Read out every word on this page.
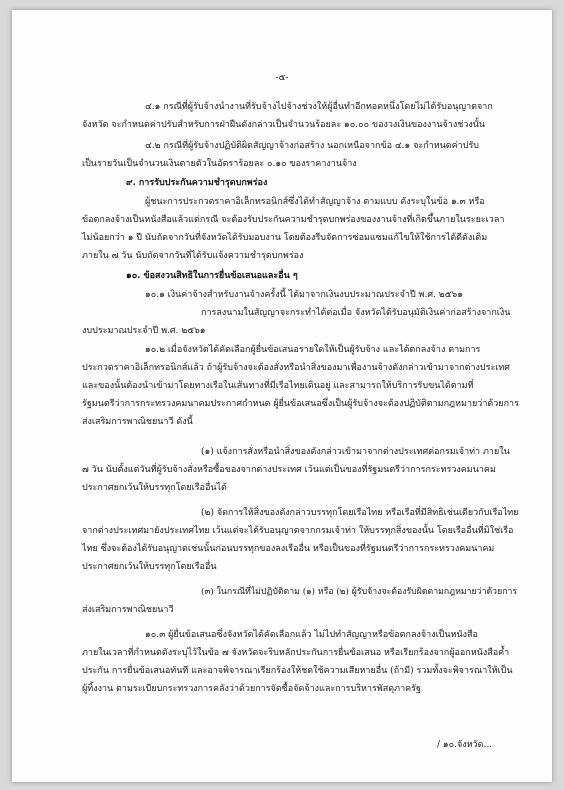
-๕-
๔.๑ กรณีที่ผู้รับจ้างนำงานที่รับจ้างไปจ้างช่วงให้ผู้อื่นทำอีกทอดหนึ่งโดยไม่ได้รับอนุญาตจาก
จังหวัด จะกำหนดค่าปรับสำหรับการฝ่าฝืนดังกล่าวเป็นจำนวนร้อยละ ๑๐.๐๐ ของวงเงินของงานจ้างช่วงนั้น
๔.๒ กรณีที่ผู้รับจ้างปฏิบัติผิดสัญญาจ้างก่อสร้าง นอกเหนือจากข้อ ๔.๑ จะกำหนดค่าปรับ
เป็นรายวันเป็นจำนวนเงินตายตัวในอัตราร้อยละ ๐.๑๐ ของราคางานจ้าง
๙. การรับประกันความชำรุดบกพร่อง
ผู้ชนะการประกวดราคาอิเล็กทรอนิกส์ซึ่งได้ทำสัญญาจ้าง ตามแบบ ดังระบุในข้อ ๑.๓ หรือ
ข้อตกลงจ้างเป็นหนังสือแล้วแต่กรณี จะต้องรับประกันความชำรุดบกพร่องของงานจ้างที่เกิดขึ้นภายในระยะเวลา
ไม่น้อยกว่า ๑ ปี นับถัดจากวันที่จังหวัดได้รับมอบงาน โดยต้องรีบจัดการซ่อมแซมแก้ไขให้ใช้การได้ดีดังเดิม
ภายใน ๗ วัน นับถัดจากวันที่ได้รับแจ้งความชำรุดบกพร่อง
๑๐. ข้อสงวนสิทธิในการยื่นข้อเสนอและอื่น ๆ
๑๐.๑ เงินค่าจ้างสำหรับงานจ้างครั้งนี้ ได้มาจากเงินงบประมาณประจำปี พ.ศ. ๒๕๖๑
การลงนามในสัญญาจะกระทำได้ต่อเมื่อ จังหวัดได้รับอนุมัติเงินค่าก่อสร้างจากเงิน
งบประมาณประจำปี พ.ศ. ๒๕๖๑
๑๐.๒ เมื่อจังหวัดได้คัดเลือกผู้ยื่นข้อเสนอรายใดให้เป็นผู้รับจ้าง และได้ตกลงจ้าง ตามการ
ประกวดราคาอิเล็กทรอนิกส์แล้ว ถ้าผู้รับจ้างจะต้องสั่งหรือนำสิ่งของมาเพื่องานจ้างดังกล่าวเข้ามาจากต่างประเทศ
และของนั้นต้องนำเข้ามาโดยทางเรือในเส้นทางที่มีเรือไทยเดินอยู่ และสามารถให้บริการรับขนได้ตามที่
รัฐมนตรีว่าการกระทรวงคมนาคมประกาศกำหนด ผู้ยื่นข้อเสนอซึ่งเป็นผู้รับจ้างจะต้องปฏิบัติตามกฎหมายว่าด้วยการ
ส่งเสริมการพาณิชยนาวี ดังนี้
(๑) แจ้งการสั่งหรือนำสิ่งของดังกล่าวเข้ามาจากต่างประเทศต่อกรมเจ้าท่า ภายใน
๗ วัน นับตั้งแต่วันที่ผู้รับจ้างสั่งหรือซื้อของจากต่างประเทศ เว้นแต่เป็นของที่รัฐมนตรีว่าการกระทรวงคมนาคม
ประกาศยกเว้นให้บรรทุกโดยเรืออื่นได้
(๒) จัดการให้สิ่งของดังกล่าวบรรทุกโดยเรือไทย หรือเรือที่มีสิทธิเช่นเดียวกับเรือไทย
จากต่างประเทศมายังประเทศไทย เว้นแต่จะได้รับอนุญาตจากกรมเจ้าท่า ให้บรรทุกสิ่งของนั้น โดยเรืออื่นที่มิใช่เรือ
ไทย ซึ่งจะต้องได้รับอนุญาตเช่นนั้นก่อนบรรทุกของลงเรืออื่น หรือเป็นของที่รัฐมนตรีว่าการกระทรวงคมนาคม
ประกาศยกเว้นให้บรรทุกโดยเรืออื่น
(๓) ในกรณีที่ไม่ปฏิบัติตาม (๑) หรือ (๒) ผู้รับจ้างจะต้องรับผิดตามกฎหมายว่าด้วยการ
ส่งเสริมการพาณิชยนาวี
๑๐.๓ ผู้ยื่นข้อเสนอซึ่งจังหวัดได้คัดเลือกแล้ว ไม่ไปทำสัญญาหรือข้อตกลงจ้างเป็นหนังสือ
ภายในเวลาที่กำหนดดังระบุไว้ในข้อ ๗ จังหวัดจะริบหลักประกันการยื่นข้อเสนอ หรือเรียกร้องจากผู้ออกหนังสือค้ำ
ประกัน การยื่นข้อเสนอทันที และอาจพิจารณาเรียกร้องให้ชดใช้ความเสียหายอื่น (ถ้ามี) รวมทั้งจะพิจารณาให้เป็น
ผู้ทิ้งงาน ตามระเบียบกระทรวงการคลังว่าด้วยการจัดซื้อจัดจ้างและการบริหารพัสดุภาครัฐ
/ ๑๐.จังหวัด...
